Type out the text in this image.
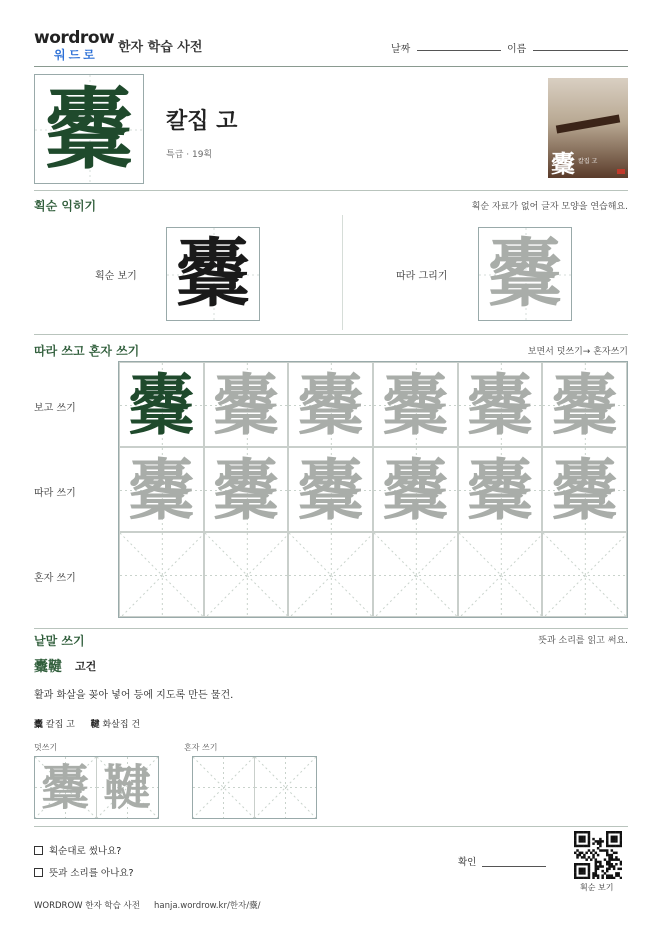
wordrow
워드로	한자 학습 사전	날짜	이름
櫜 칼집 고
특급 · 19획	櫜 칼집 고
획순 익히기	획순 자료가 없어 글자 모양을 연습해요.
획순 보기 櫜	따라 그리기 櫜
따라 쓰고 혼자 쓰기	보면서 덧쓰기→ 혼자쓰기
보고 쓰기
따라 쓰기
혼자 쓰기
櫜 櫜 櫜 櫜 櫜 櫜
櫜 櫜 櫜 櫜 櫜 櫜
낱말 쓰기	뜻과 소리를 읽고 써요.
櫜鞬 고건
활과 화살을 꽂아 넣어 등에 지도록 만든 물건.
櫜 칼집 고 鞬 화살집 건
덧쓰기	혼자 쓰기
櫜 鞬
획순대로 썼나요?
뜻과 소리를 아나요?
확인
획순 보기
WORDROW 한자 학습 사전 hanja.wordrow.kr/한자/櫜/
